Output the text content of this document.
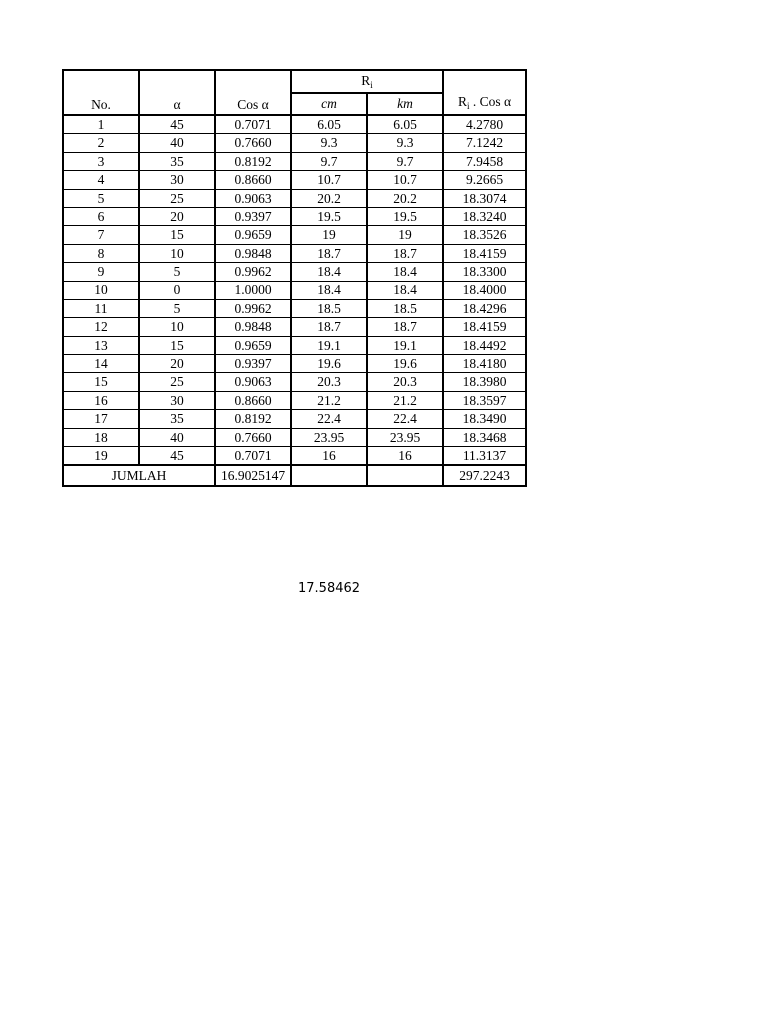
No.	α	Cos α	$R_i$		$R_i$ . Cos α
			cm	km	
1	45	0.7071	6.05	6.05	4.2780
2	40	0.7660	9.3	9.3	7.1242
3	35	0.8192	9.7	9.7	7.9458
4	30	0.8660	10.7	10.7	9.2665
5	25	0.9063	20.2	20.2	18.3074
6	20	0.9397	19.5	19.5	18.3240
7	15	0.9659	19	19	18.3526
8	10	0.9848	18.7	18.7	18.4159
9	5	0.9962	18.4	18.4	18.3300
10	0	1.0000	18.4	18.4	18.4000
11	5	0.9962	18.5	18.5	18.4296
12	10	0.9848	18.7	18.7	18.4159
13	15	0.9659	19.1	19.1	18.4492
14	20	0.9397	19.6	19.6	18.4180
15	25	0.9063	20.3	20.3	18.3980
16	30	0.8660	21.2	21.2	18.3597
17	35	0.8192	22.4	22.4	18.3490
18	40	0.7660	23.95	23.95	18.3468
19	45	0.7071	16	16	11.3137
JUMLAH		16.9025147			297.2243
17.58462
